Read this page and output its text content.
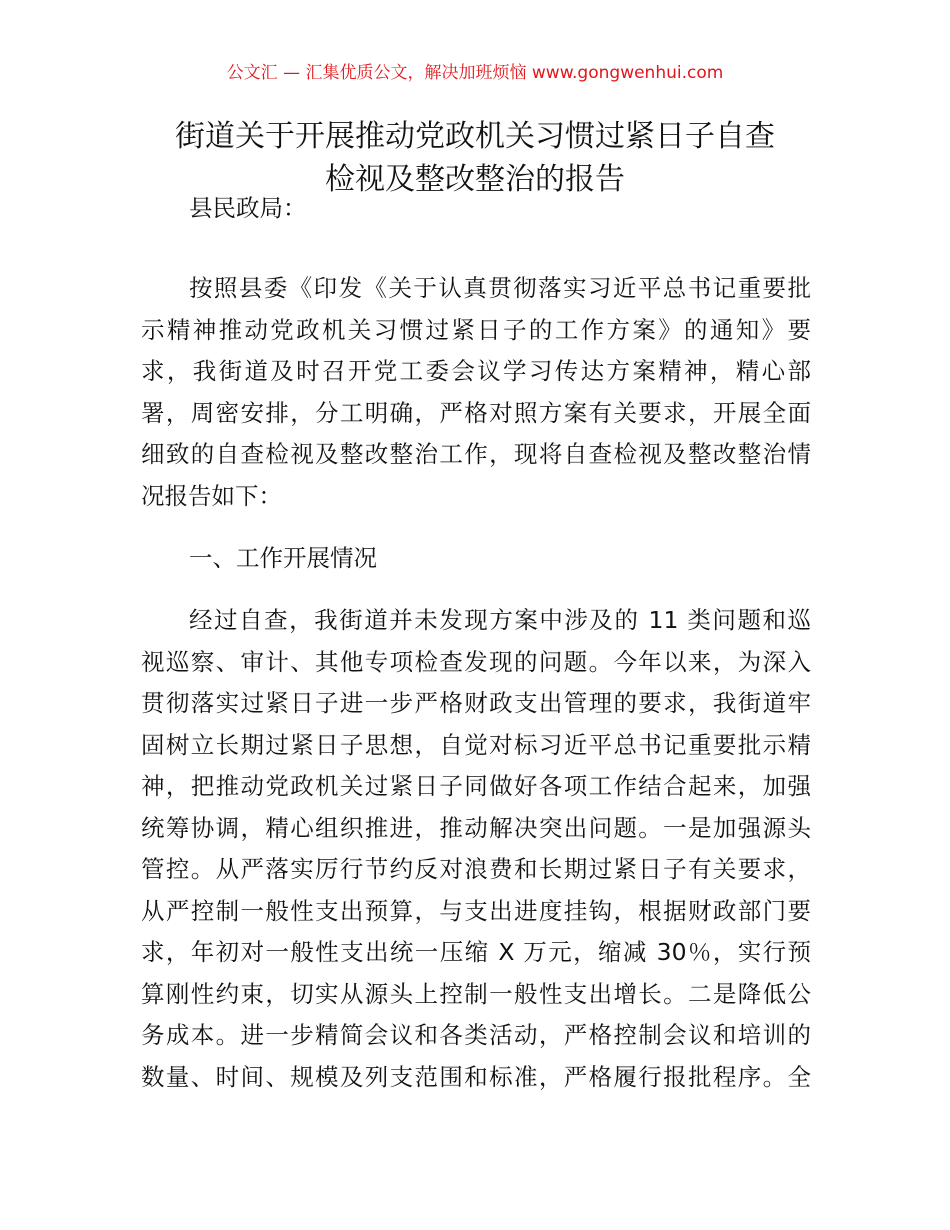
公文汇 — 汇集优质公文，解决加班烦恼 www.gongwenhui.com
街道关于开展推动党政机关习惯过紧日子自查
检视及整改整治的报告
县民政局：
按照县委《印发《关于认真贯彻落实习近平总书记重要批
示精神推动党政机关习惯过紧日子的工作方案》的通知》要
求，我街道及时召开党工委会议学习传达方案精神，精心部
署，周密安排，分工明确，严格对照方案有关要求，开展全面
细致的自查检视及整改整治工作，现将自查检视及整改整治情
况报告如下：
一、工作开展情况
经过自查，我街道并未发现方案中涉及的 11 类问题和巡
视巡察、审计、其他专项检查发现的问题。今年以来，为深入
贯彻落实过紧日子进一步严格财政支出管理的要求，我街道牢
固树立长期过紧日子思想，自觉对标习近平总书记重要批示精
神，把推动党政机关过紧日子同做好各项工作结合起来，加强
统筹协调，精心组织推进，推动解决突出问题。一是加强源头
管控。从严落实厉行节约反对浪费和长期过紧日子有关要求，
从严控制一般性支出预算，与支出进度挂钩，根据财政部门要
求，年初对一般性支出统一压缩 X 万元，缩减 30％，实行预
算刚性约束，切实从源头上控制一般性支出增长。二是降低公
务成本。进一步精简会议和各类活动，严格控制会议和培训的
数量、时间、规模及列支范围和标准，严格履行报批程序。全
